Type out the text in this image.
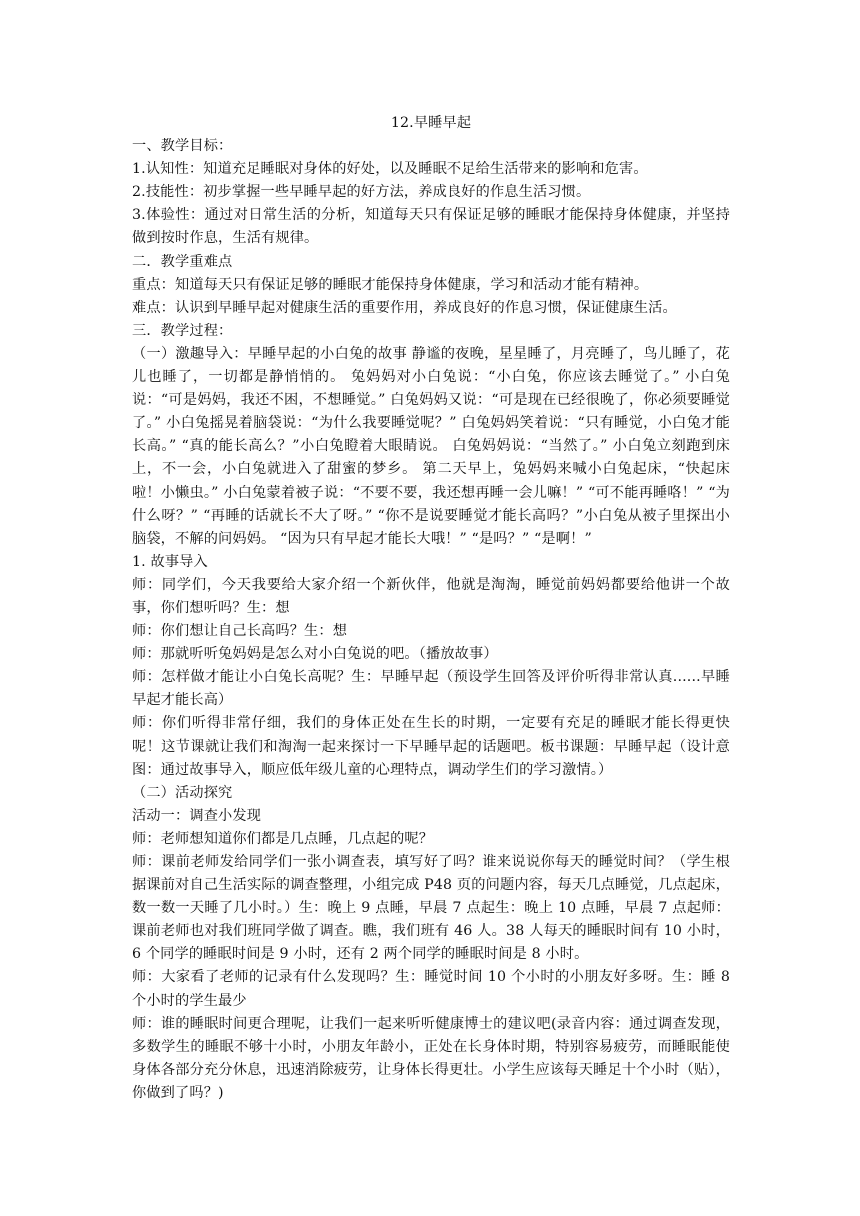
12.早睡早起
一、教学目标：
1.认知性：知道充足睡眠对身体的好处，以及睡眠不足给生活带来的影响和危害。
2.技能性：初步掌握一些早睡早起的好方法，养成良好的作息生活习惯。
3.体验性：通过对日常生活的分析，知道每天只有保证足够的睡眠才能保持身体健康，并坚持做到按时作息，生活有规律。
二．教学重难点
重点：知道每天只有保证足够的睡眠才能保持身体健康，学习和活动才能有精神。
难点：认识到早睡早起对健康生活的重要作用，养成良好的作息习惯，保证健康生活。
三．教学过程：
（一）激趣导入：早睡早起的小白兔的故事 静谧的夜晚，星星睡了，月亮睡了，鸟儿睡了，花儿也睡了，一切都是静悄悄的。 兔妈妈对小白兔说：“小白兔，你应该去睡觉了。” 小白兔说：“可是妈妈，我还不困，不想睡觉。” 白兔妈妈又说：“可是现在已经很晚了，你必须要睡觉了。” 小白兔摇晃着脑袋说：“为什么我要睡觉呢？” 白兔妈妈笑着说：“只有睡觉，小白兔才能长高。” “真的能长高么？”小白兔瞪着大眼睛说。 白兔妈妈说：“当然了。” 小白兔立刻跑到床上，不一会，小白兔就进入了甜蜜的梦乡。 第二天早上，兔妈妈来喊小白兔起床，“快起床啦！小懒虫。” 小白兔蒙着被子说：“不要不要，我还想再睡一会儿嘛！” “可不能再睡咯！” “为什么呀？” “再睡的话就长不大了呀。” “你不是说要睡觉才能长高吗？”小白兔从被子里探出小脑袋，不解的问妈妈。 “因为只有早起才能长大哦！” “是吗？” “是啊！”
1. 故事导入
师：同学们，今天我要给大家介绍一个新伙伴，他就是淘淘，睡觉前妈妈都要给他讲一个故事，你们想听吗？生：想
师：你们想让自己长高吗？生：想
师：那就听听兔妈妈是怎么对小白兔说的吧。（播放故事）
师：怎样做才能让小白兔长高呢？生：早睡早起（预设学生回答及评价听得非常认真......早睡早起才能长高）
师：你们听得非常仔细，我们的身体正处在生长的时期，一定要有充足的睡眠才能长得更快呢！这节课就让我们和淘淘一起来探讨一下早睡早起的话题吧。板书课题：早睡早起（设计意图：通过故事导入，顺应低年级儿童的心理特点，调动学生们的学习激情。）
（二）活动探究
活动一：调查小发现
师：老师想知道你们都是几点睡，几点起的呢？
师：课前老师发给同学们一张小调查表，填写好了吗？谁来说说你每天的睡觉时间？（学生根据课前对自己生活实际的调查整理，小组完成 P48 页的问题内容，每天几点睡觉，几点起床，数一数一天睡了几小时。）生：晚上 9 点睡，早晨 7 点起生：晚上 10 点睡，早晨 7 点起师：课前老师也对我们班同学做了调查。瞧，我们班有 46 人。38 人每天的睡眠时间有 10 小时，6 个同学的睡眠时间是 9 小时，还有 2 两个同学的睡眠时间是 8 小时。
师：大家看了老师的记录有什么发现吗？生：睡觉时间 10 个小时的小朋友好多呀。生：睡 8 个小时的学生最少
师：谁的睡眠时间更合理呢，让我们一起来听听健康博士的建议吧(录音内容：通过调查发现，多数学生的睡眠不够十小时，小朋友年龄小，正处在长身体时期，特别容易疲劳，而睡眠能使身体各部分充分休息，迅速消除疲劳，让身体长得更壮。小学生应该每天睡足十个小时（贴），你做到了吗？)
